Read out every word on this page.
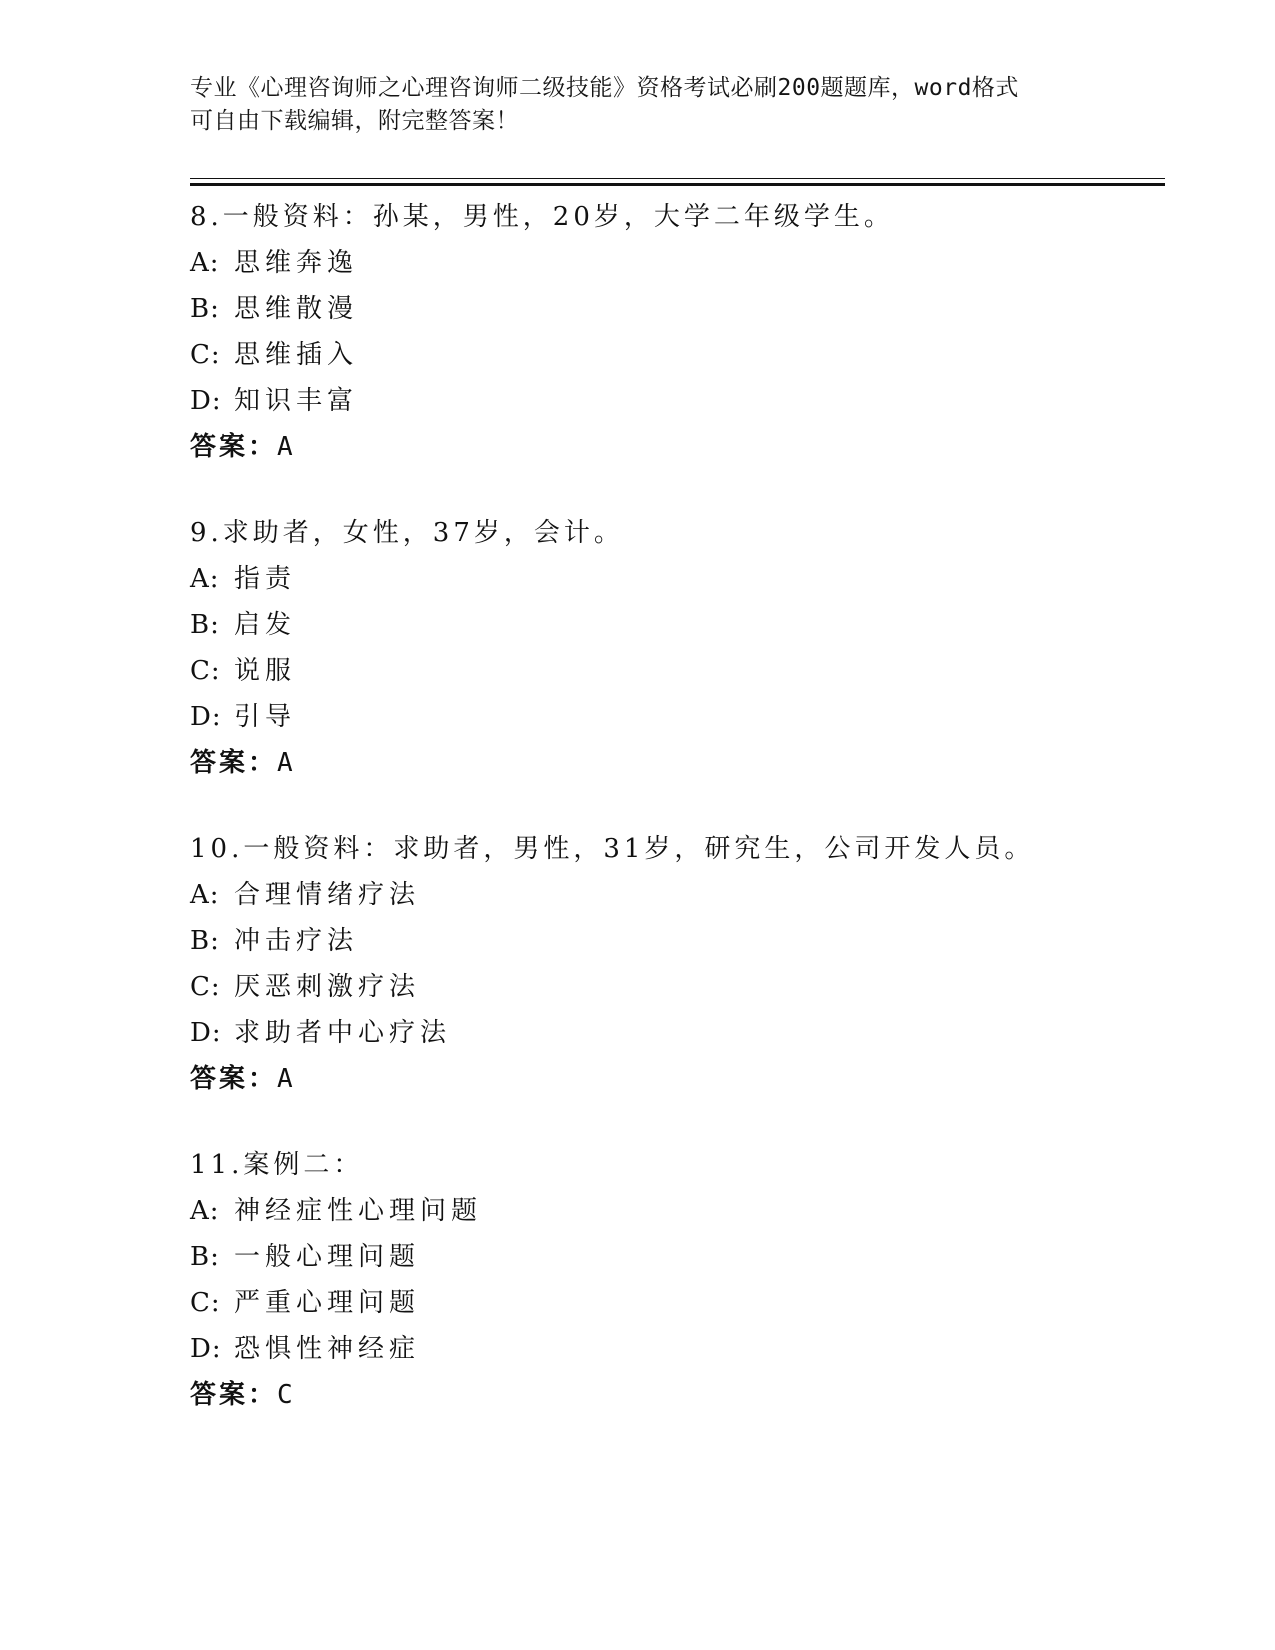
专业《心理咨询师之心理咨询师二级技能》资格考试必刷200题题库，word格式
可自由下载编辑，附完整答案！
8.一般资料：孙某，男性，20岁，大学二年级学生。
A: 思维奔逸
B: 思维散漫
C: 思维插入
D: 知识丰富
答案：A
9.求助者，女性，37岁，会计。
A: 指责
B: 启发
C: 说服
D: 引导
答案：A
10.一般资料：求助者，男性，31岁，研究生，公司开发人员。
A: 合理情绪疗法
B: 冲击疗法
C: 厌恶刺激疗法
D: 求助者中心疗法
答案：A
11.案例二：
A: 神经症性心理问题
B: 一般心理问题
C: 严重心理问题
D: 恐惧性神经症
答案：C
